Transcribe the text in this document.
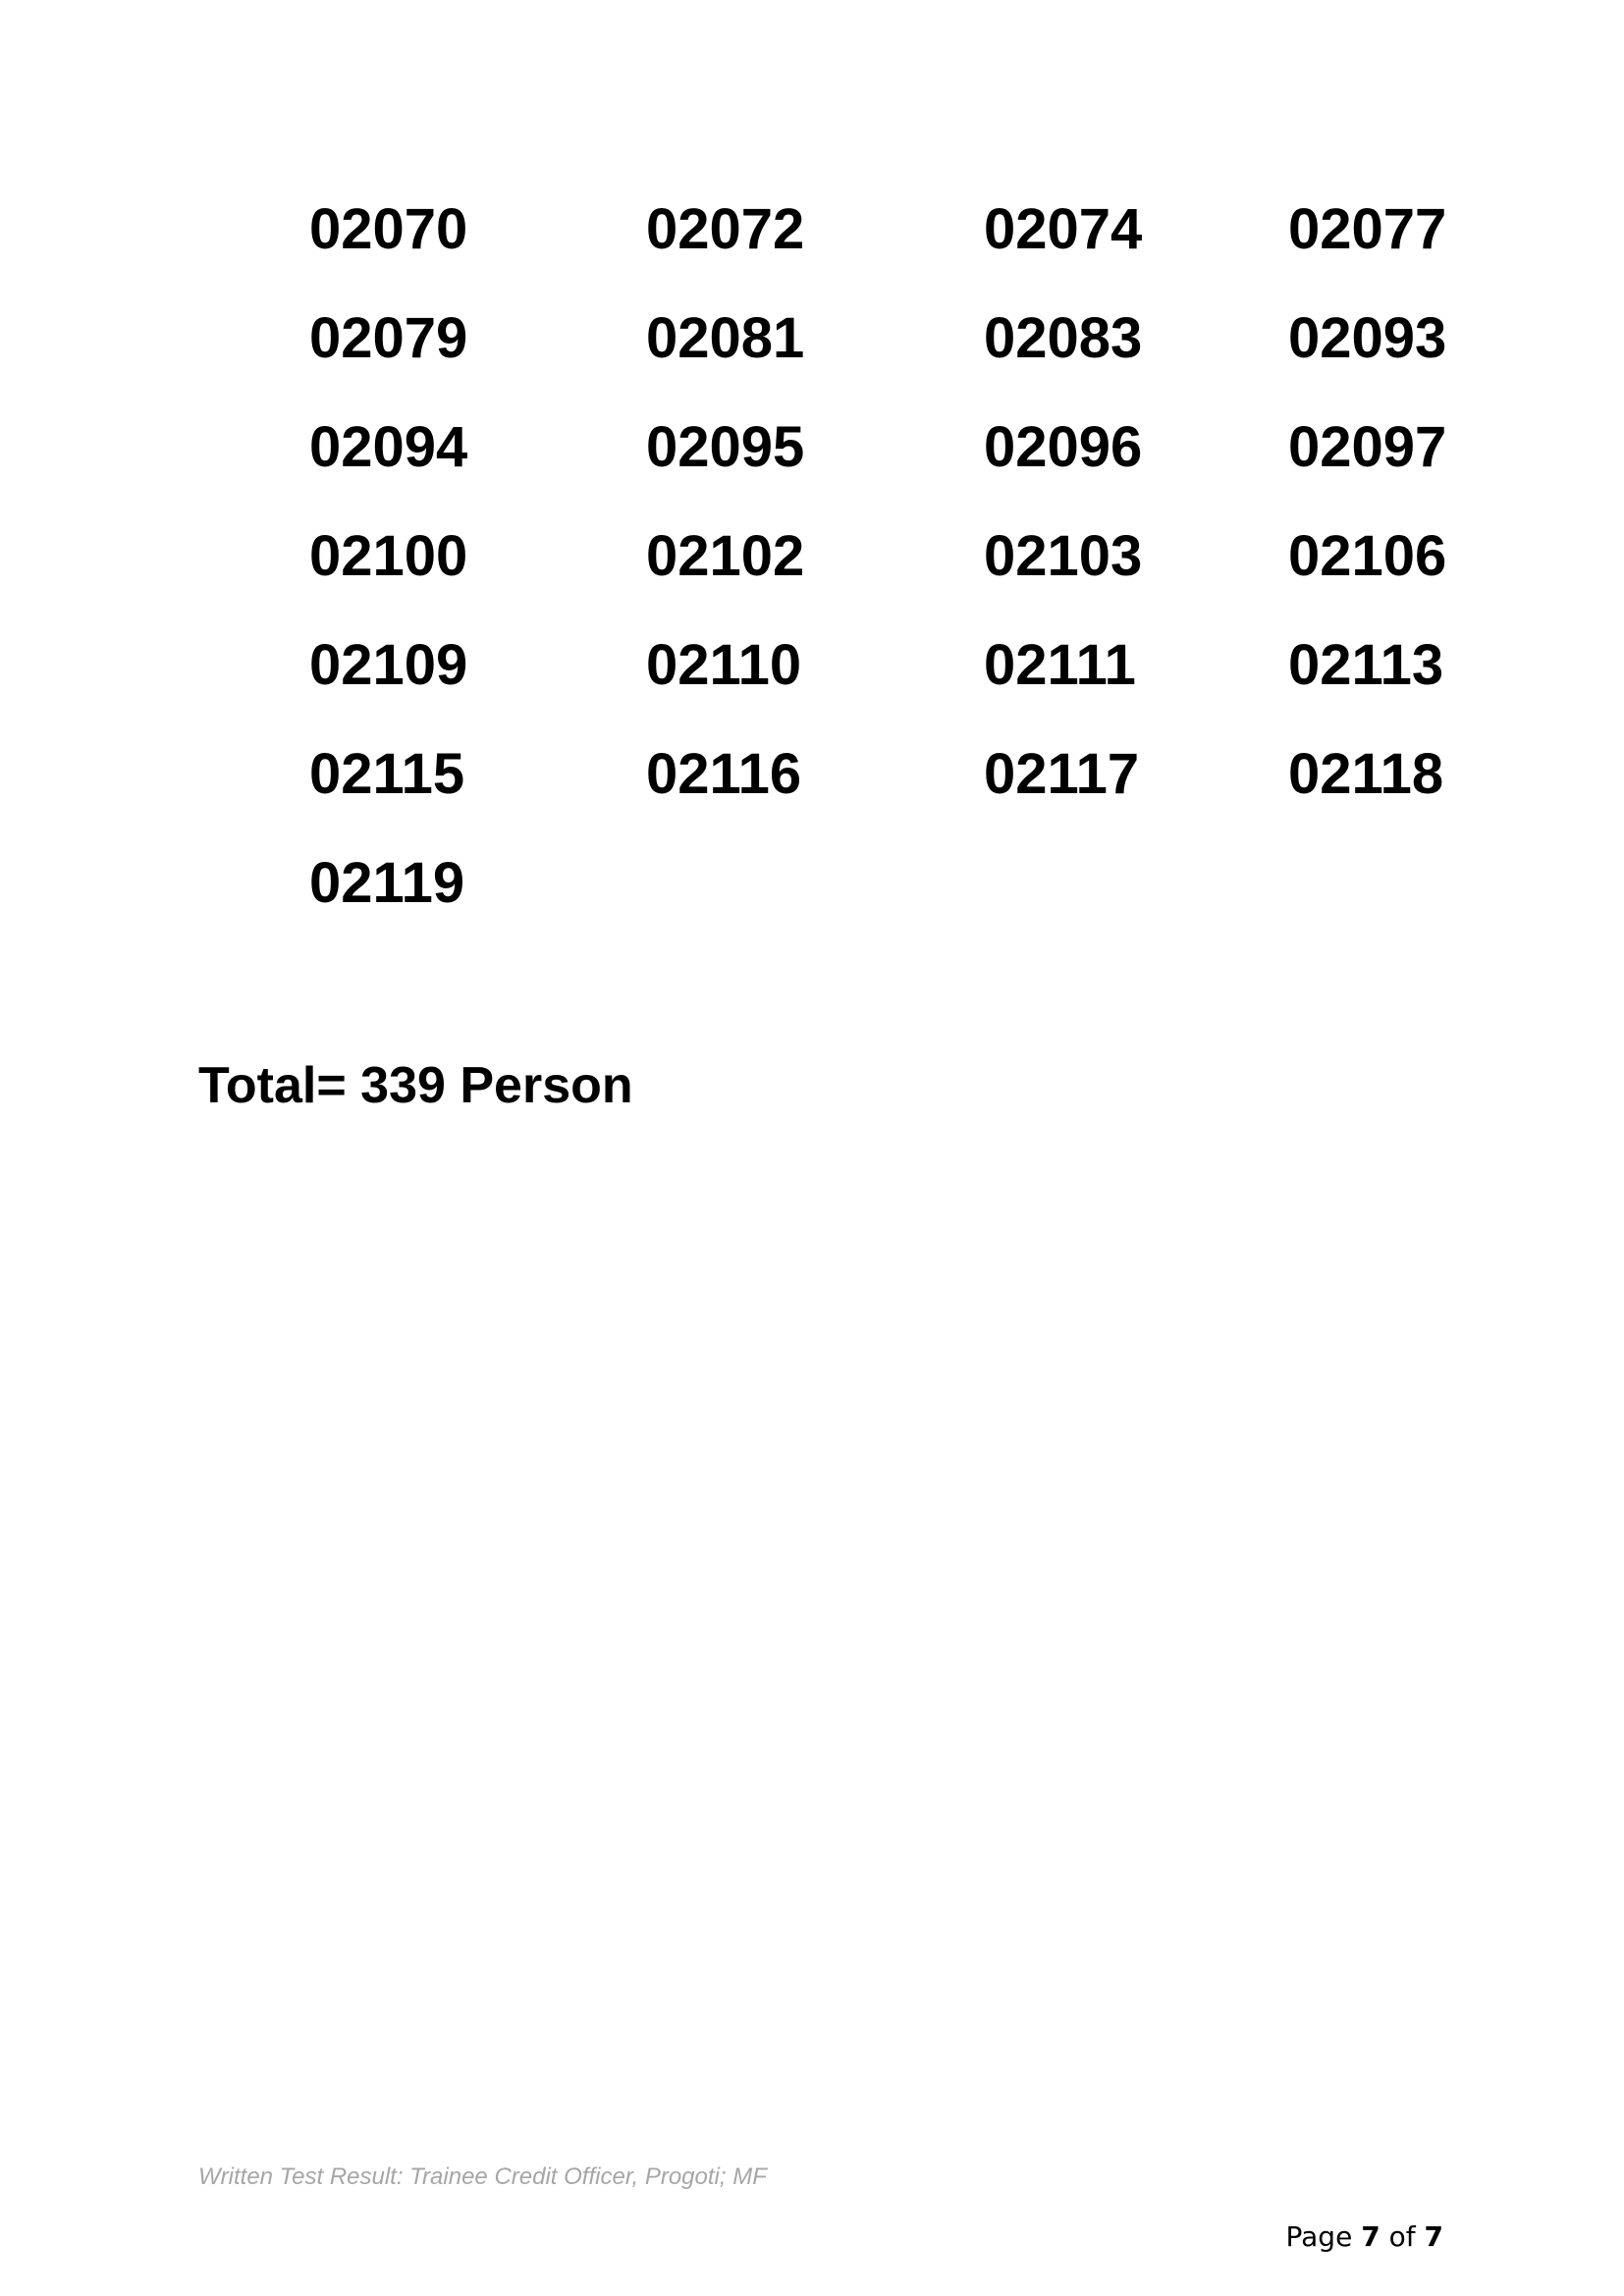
02070	02072	02074	02077
02079	02081	02083	02093
02094	02095	02096	02097
02100	02102	02103	02106
02109	02110	02111	02113
02115	02116	02117	02118
02119
Total= 339 Person
Written Test Result: Trainee Credit Officer, Progoti; MF
Page 7 of 7
